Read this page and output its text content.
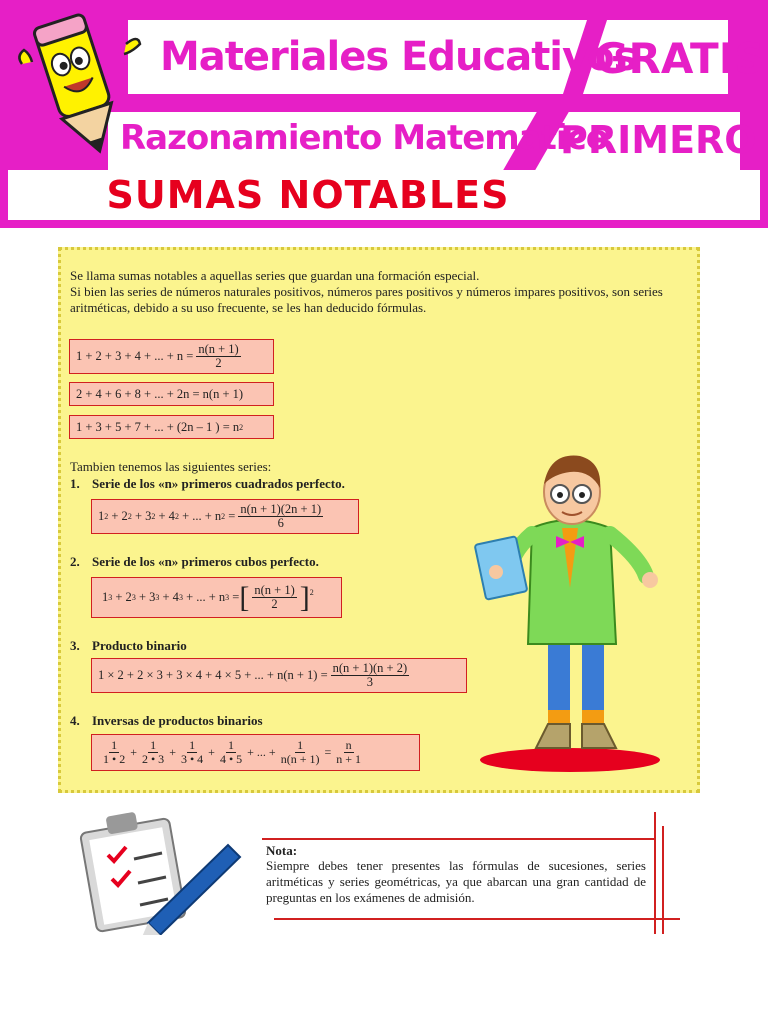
Materiales Educativos
GRATIS
Razonamiento Matemático
PRIMERO
SUMAS NOTABLES
Se llama sumas notables a aquellas series que guardan una formación especial.
Si bien las series de números naturales positivos, números pares positivos y números impares positivos, son series aritméticas, debido a su uso frecuente, se les han deducido fórmulas.
1 + 2 + 3 + 4 + ... + $n = \frac{n(n + 1)}{2}$
2 + 4 + 6 + 8 + ... + 2n = n(n + 1)
1 + 3 + 5 + 7 + ... + (2n – 1 ) = n 2
Tambien tenemos las siguientes series:
1. Serie de los «n» primeros cuadrados perfecto.
1 2
+ 2 2
+ 3 2
+ 4 2
+ ... + n 2
= $\frac{n(n + 1)(2n + 1)}{6}$
2. Serie de los «n» primeros cubos perfecto.
1 3
+ 2 3
+ 3 3
+ 4 3
+ ... + n 3
= [ $\frac{n(n + 1)}{2}$ ] 2
3. Producto binario
1 × 2 + 2 × 3 + 3 × 4 + 4 × 5 + ... + $n(n + 1) = \frac{n(n + 1)(n + 2)}{3}$
4. Inversas de productos binarios
$\frac{1}{1 • 2} + \frac{1}{2 • 3} + \frac{1}{3 • 4} + \frac{1}{4 • 5}$ + ... + $\frac{1}{n(n + 1)} = \frac{n}{n + 1}$
Nota:
Siempre debes tener presentes las fórmulas de sucesiones, series aritméticas y series geométricas, ya que abarcan una gran cantidad de preguntas en los exámenes de admisión.
